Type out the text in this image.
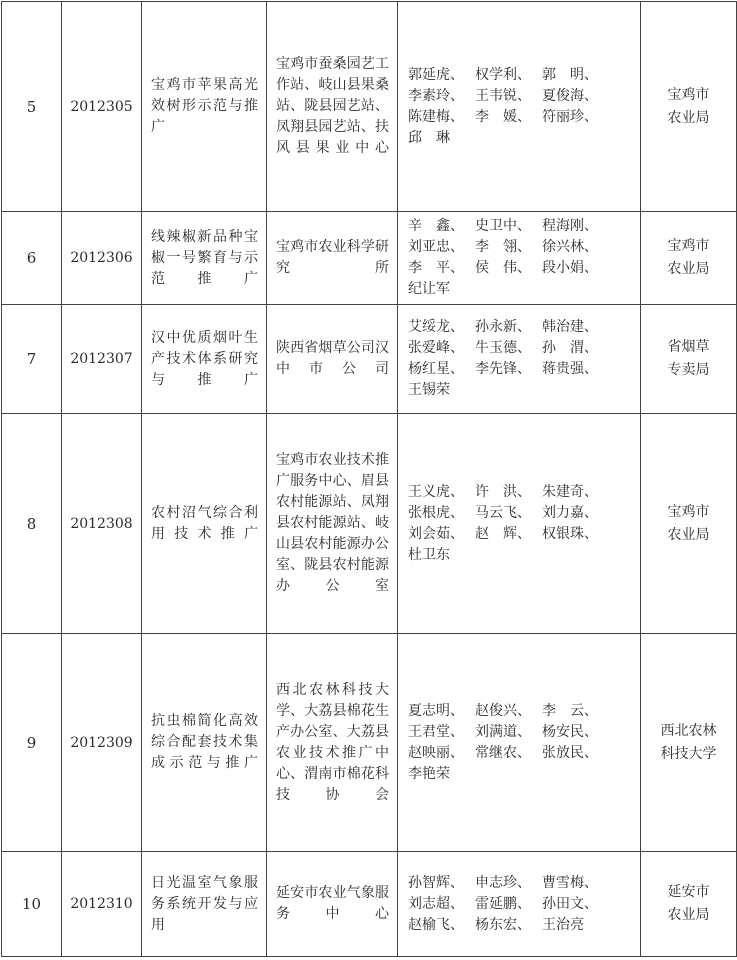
5	2012305	宝鸡市苹果高光效树形示范与推广	宝鸡市蚕桑园艺工作站、岐山县果桑站、陇县园艺站、凤翔县园艺站、扶风县果业中心	郭延虎、 权学利、 郭　明、李素玲、 王韦锐、 夏俊海、陈建梅、 李　媛、 符丽珍、邱　琳	宝鸡市
农业局

6	2012306	线辣椒新品种宝椒一号繁育与示范推广	宝鸡市农业科学研究所	辛　鑫、 史卫中、 程海刚、刘亚忠、 李　翎、 徐兴林、李　平、 侯　伟、 段小娟、纪让军	宝鸡市
农业局

7	2012307	汉中优质烟叶生产技术体系研究与推广	陕西省烟草公司汉中市公司	艾绥龙、 孙永新、 韩治建、张爱峰、 牛玉德、 孙　渭、杨红星、 李先锋、 蒋贵强、王锡荣	省烟草
专卖局

8	2012308	农村沼气综合利用技术推广	宝鸡市农业技术推广服务中心、眉县农村能源站、凤翔县农村能源站、岐山县农村能源办公室、陇县农村能源办公室	王义虎、 许　洪、 朱建奇、张根虎、 马云飞、 刘力嘉、刘会茹、 赵　辉、 权银珠、杜卫东	宝鸡市
农业局

9	2012309	抗虫棉简化高效综合配套技术集成示范与推广	西北农林科技大学、大荔县棉花生产办公室、大荔县农业技术推广中心、渭南市棉花科技协会	夏志明、 赵俊兴、 李　云、王君堂、 刘满道、 杨安民、赵映丽、 常继农、 张放民、李艳荣	西北农林
科技大学

10	2012310	日光温室气象服务系统开发与应用	延安市农业气象服务中心	孙智辉、 申志珍、 曹雪梅、刘志超、 雷延鹏、 孙田文、赵榆飞、 杨东宏、 王治亮	延安市
农业局
